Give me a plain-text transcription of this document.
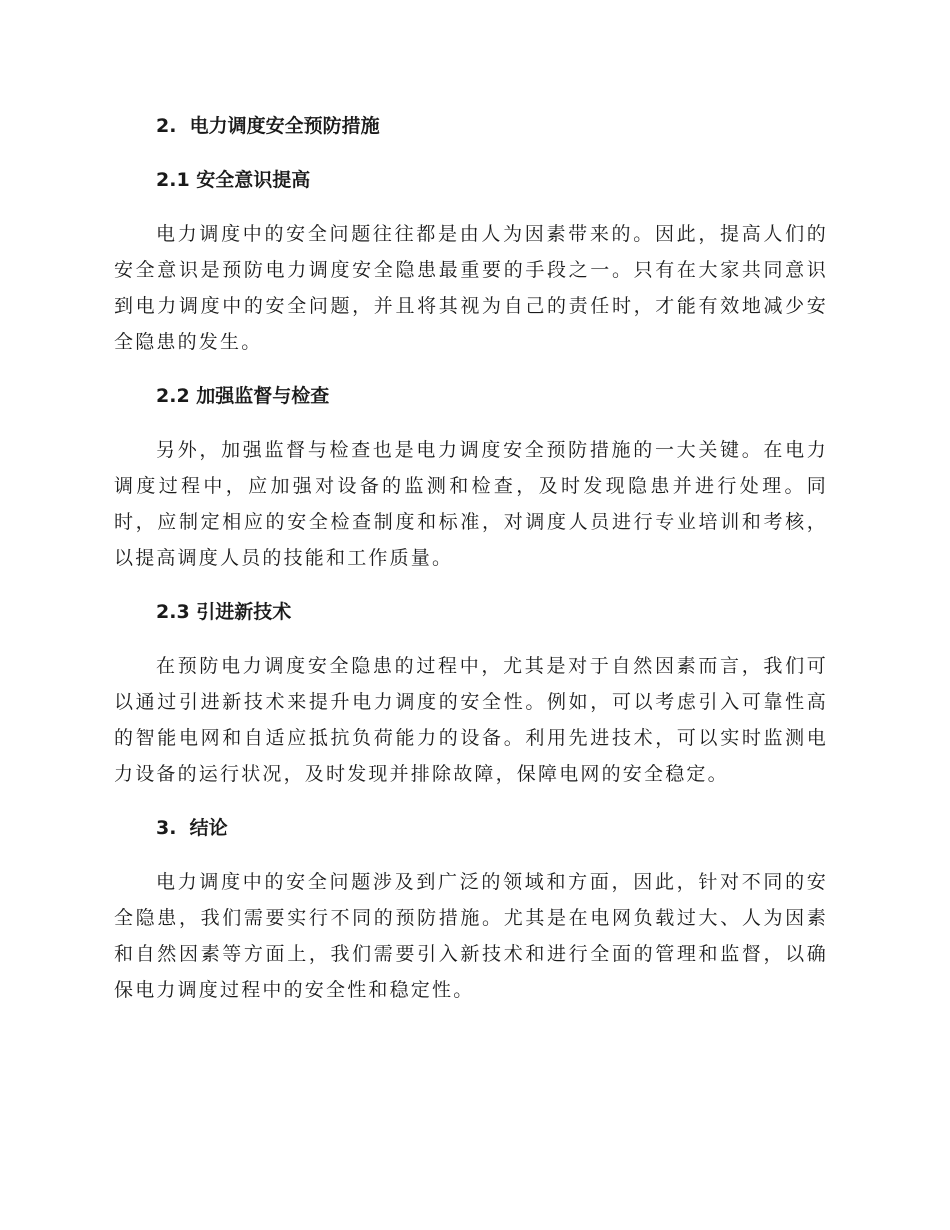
2.  电力调度安全预防措施
2.1 安全意识提高

电力调度中的安全问题往往都是由人为因素带来的。因此，提高人们的安全意识是预防电力调度安全隐患最重要的手段之一。只有在大家共同意识到电力调度中的安全问题，并且将其视为自己的责任时，才能有效地减少安全隐患的发生。

2.2 加强监督与检查

另外，加强监督与检查也是电力调度安全预防措施的一大关键。在电力调度过程中，应加强对设备的监测和检查，及时发现隐患并进行处理。同时，应制定相应的安全检查制度和标准，对调度人员进行专业培训和考核，以提高调度人员的技能和工作质量。

2.3 引进新技术

在预防电力调度安全隐患的过程中，尤其是对于自然因素而言，我们可以通过引进新技术来提升电力调度的安全性。例如，可以考虑引入可靠性高的智能电网和自适应抵抗负荷能力的设备。利用先进技术，可以实时监测电力设备的运行状况，及时发现并排除故障，保障电网的安全稳定。

3.  结论

电力调度中的安全问题涉及到广泛的领域和方面，因此，针对不同的安全隐患，我们需要实行不同的预防措施。尤其是在电网负载过大、人为因素和自然因素等方面上，我们需要引入新技术和进行全面的管理和监督，以确保电力调度过程中的安全性和稳定性。
